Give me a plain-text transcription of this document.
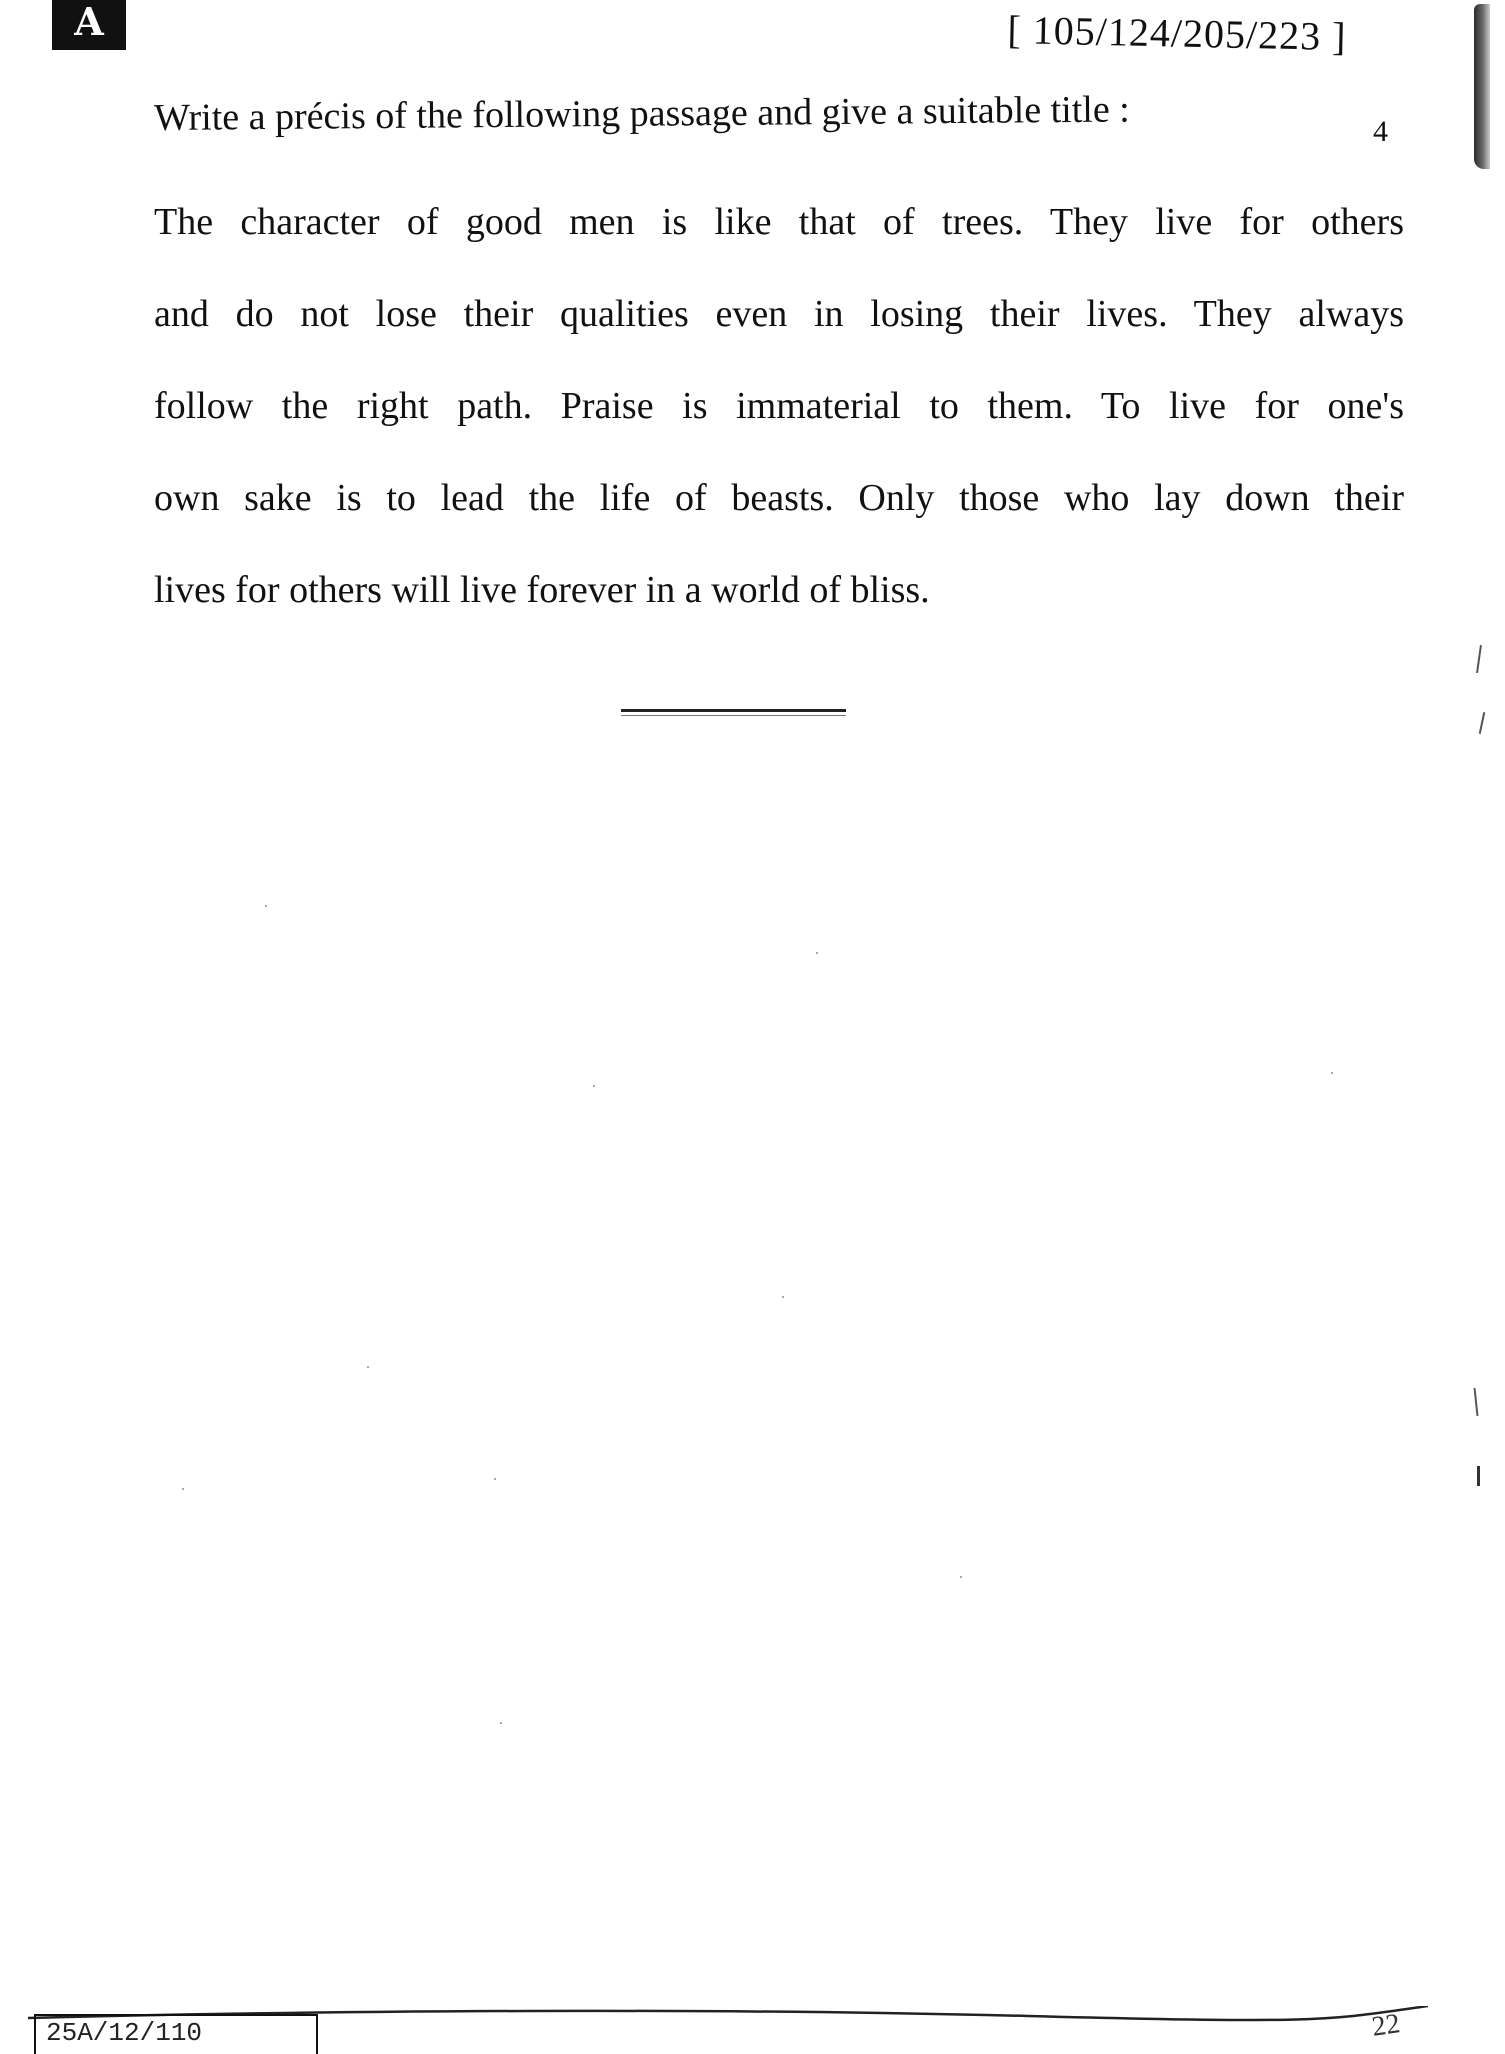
A	[ 105/124/205/223 ]
Write a précis of the following passage and give a suitable title :	4
The character of good men is like that of trees. They live for others
and do not lose their qualities even in losing their lives. They always
follow the right path. Praise is immaterial to them. To live for one's
own sake is to lead the life of beasts. Only those who lay down their
lives for others will live forever in a world of bliss.
25A/12/110	22
